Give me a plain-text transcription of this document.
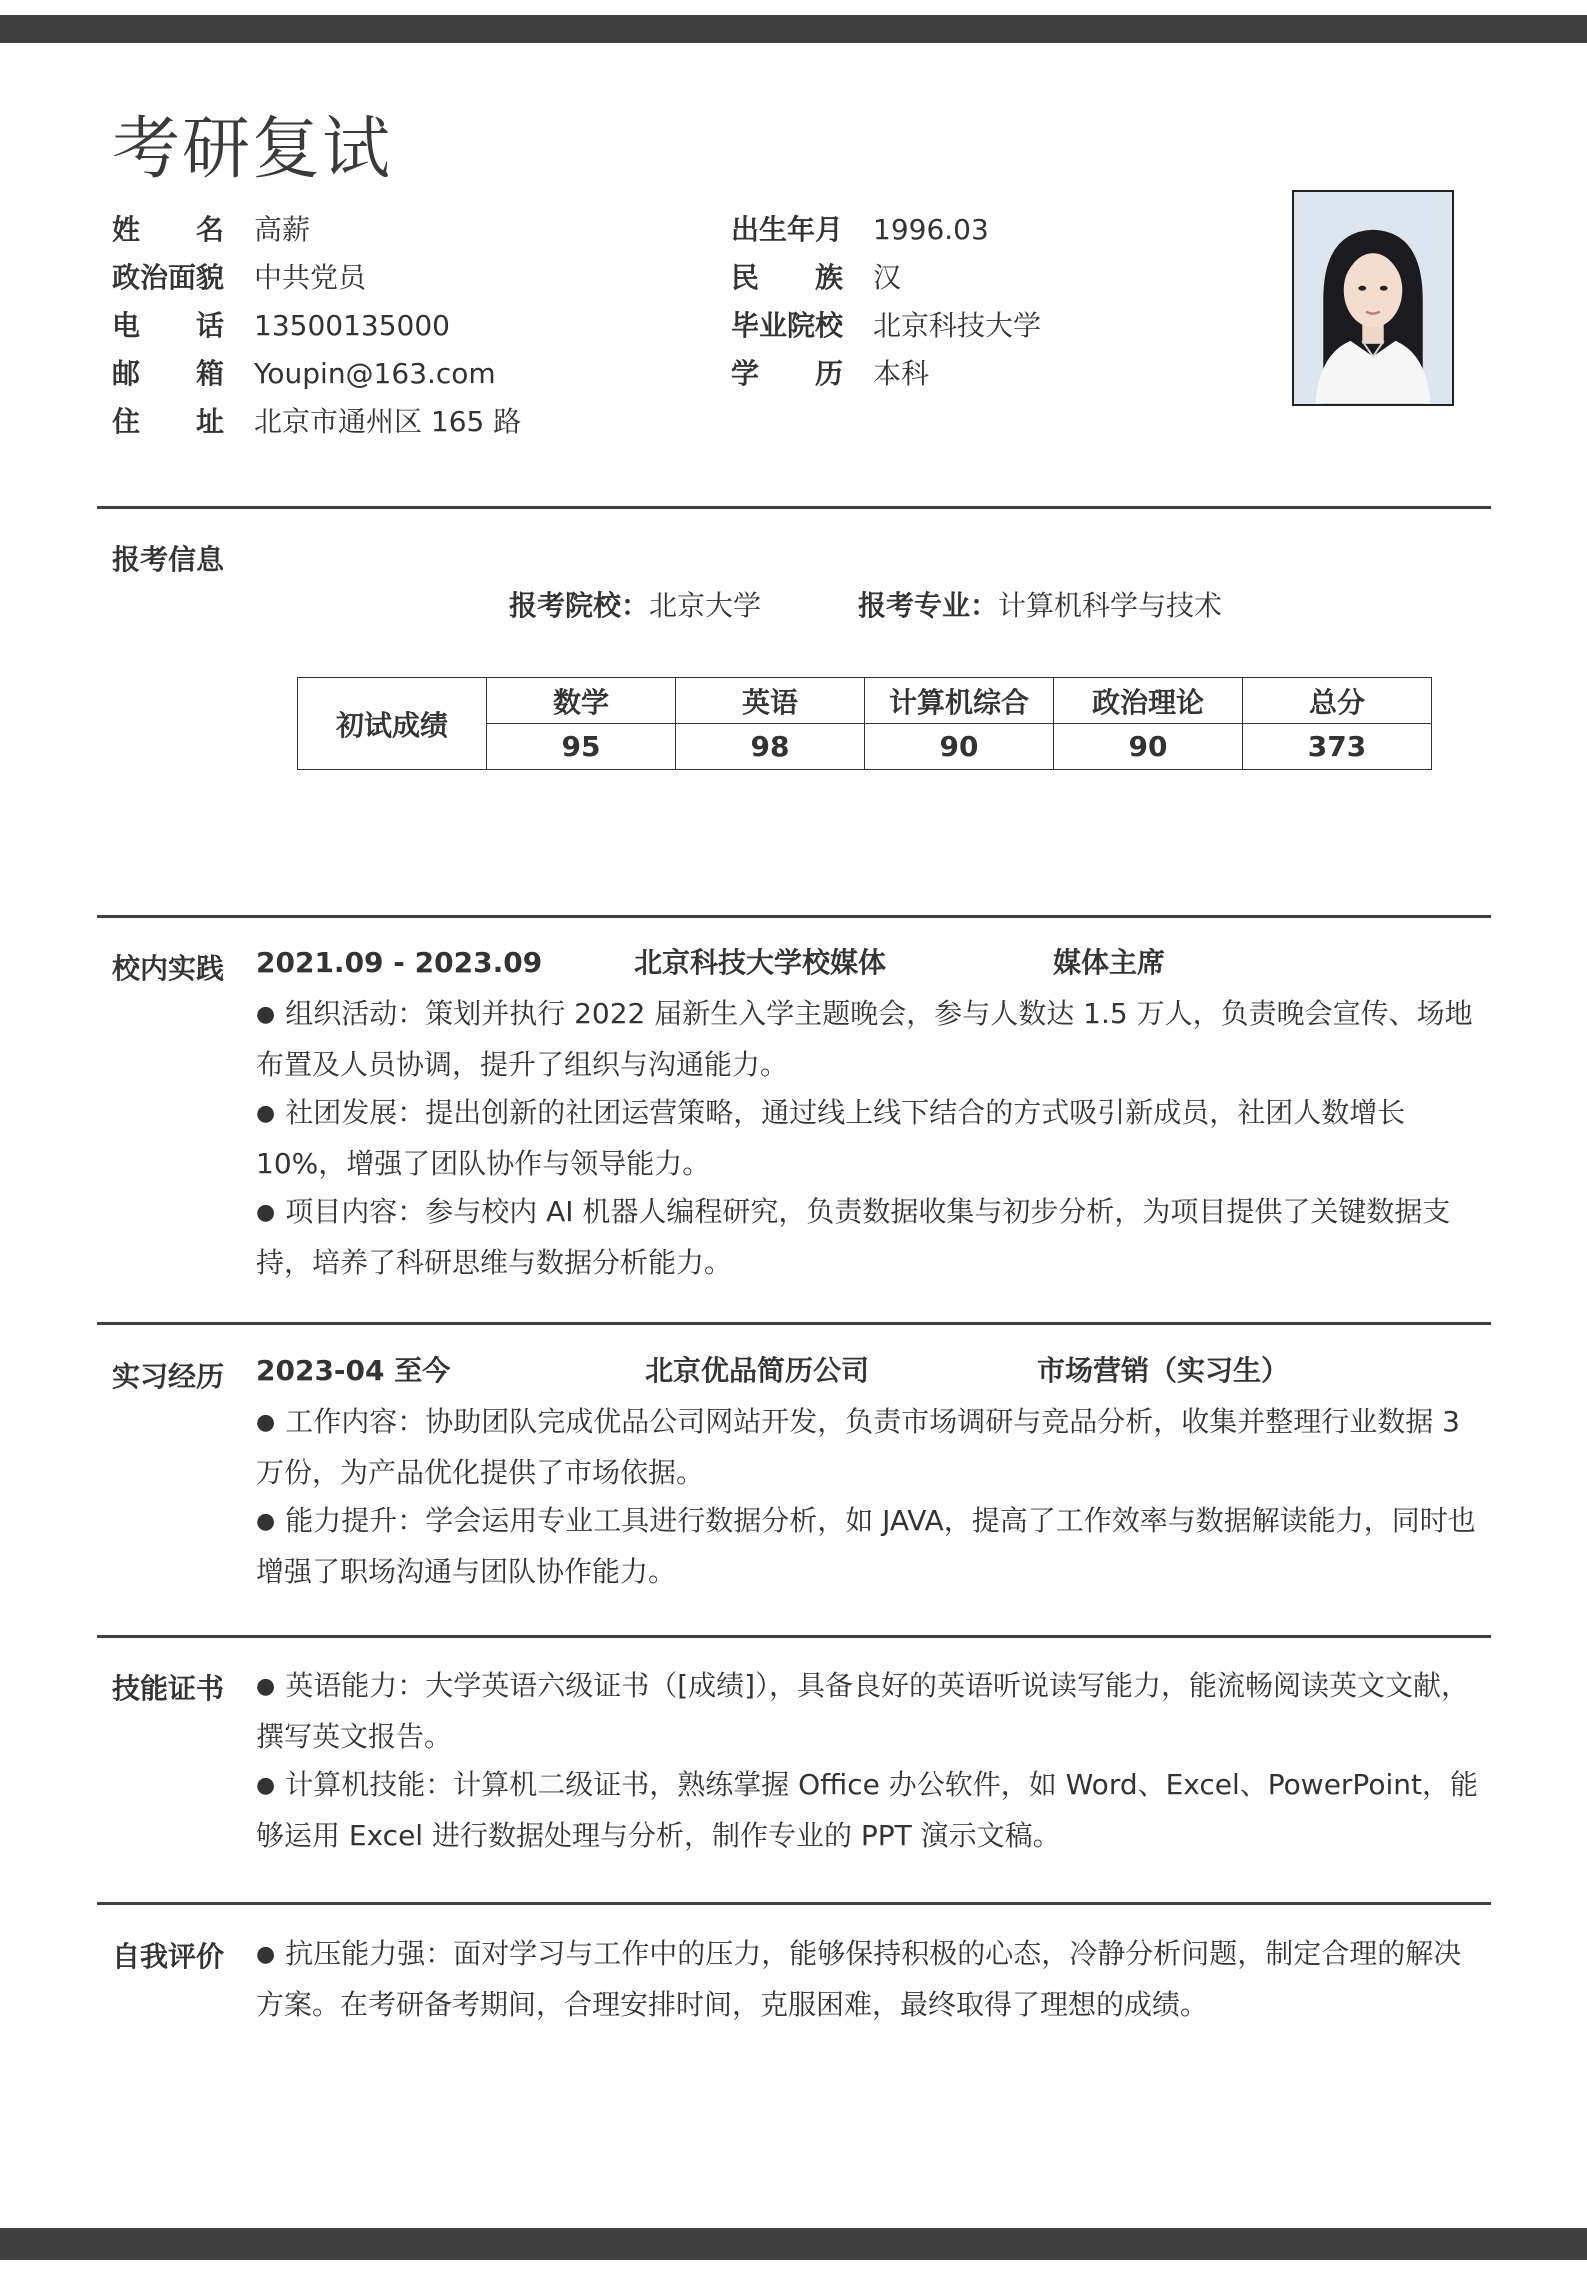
考研复试
姓名 高薪
政治面貌 中共党员
电话 13500135000
邮箱 Youpin@163.com
住址 北京市通州区 165 路
出生年月 1996.03
民族 汉
毕业院校 北京科技大学
学历 本科
报考信息
报考院校：北京大学	报考专业：计算机科学与技术
初试成绩	数学	英语	计算机综合	政治理论	总分
	95	98	90	90	373
校内实践 2021.09 - 2023.09	北京科技大学校媒体	媒体主席

● 组织活动：策划并执行 2022 届新生入学主题晚会，参与人数达 1.5 万人，负责晚会宣传、场地布置及人员协调，提升了组织与沟通能力。

● 社团发展：提出创新的社团运营策略，通过线上线下结合的方式吸引新成员，社团人数增长 10%，增强了团队协作与领导能力。

● 项目内容：参与校内 AI 机器人编程研究，负责数据收集与初步分析，为项目提供了关键数据支持，培养了科研思维与数据分析能力。

实习经历 2023-04 至今	北京优品简历公司	市场营销（实习生）

● 工作内容：协助团队完成优品公司网站开发，负责市场调研与竞品分析，收集并整理行业数据 3 万份，为产品优化提供了市场依据。

● 能力提升：学会运用专业工具进行数据分析，如 JAVA，提高了工作效率与数据解读能力，同时也增强了职场沟通与团队协作能力。

技能证书 ● 英语能力：大学英语六级证书（[成绩]），具备良好的英语听说读写能力，能流畅阅读英文文献，撰写英文报告。

● 计算机技能：计算机二级证书，熟练掌握 Office 办公软件，如 Word、Excel、PowerPoint，能够运用 Excel 进行数据处理与分析，制作专业的 PPT 演示文稿。

自我评价 ● 抗压能力强：面对学习与工作中的压力，能够保持积极的心态，冷静分析问题，制定合理的解决方案。在考研备考期间，合理安排时间，克服困难，最终取得了理想的成绩。
